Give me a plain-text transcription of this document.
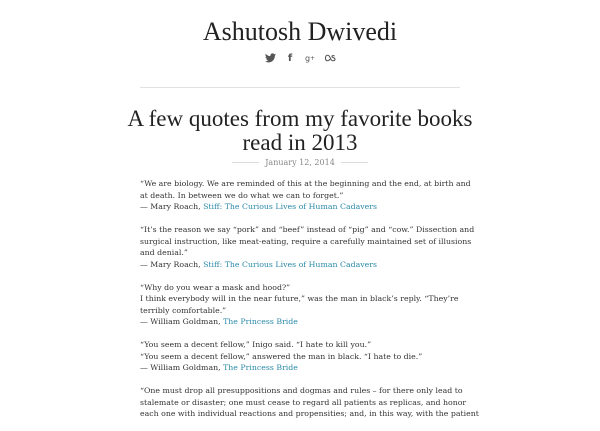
Ashutosh Dwivedi
f	g +
A few quotes from my favorite books
read in 2013
January 12, 2014

“We are biology. We are reminded of this at the beginning and the end, at birth and

at death. In between we do what we can to forget.”

— Mary Roach, Stiff: The Curious Lives of Human Cadavers

“It’s the reason we say “pork” and “beef” instead of “pig” and “cow.” Dissection and

surgical instruction, like meat-eating, require a carefully maintained set of illusions

and denial.”

— Mary Roach, Stiff: The Curious Lives of Human Cadavers

“Why do you wear a mask and hood?”

I think everybody will in the near future,” was the man in black’s reply. “They’re

terribly comfortable.”

— William Goldman, The Princess Bride

“You seem a decent fellow,” Inigo said. “I hate to kill you.”

“You seem a decent fellow,” answered the man in black. “I hate to die.”

— William Goldman, The Princess Bride

“One must drop all presuppositions and dogmas and rules – for there only lead to

stalemate or disaster; one must cease to regard all patients as replicas, and honor

each one with individual reactions and propensities; and, in this way, with the patient
